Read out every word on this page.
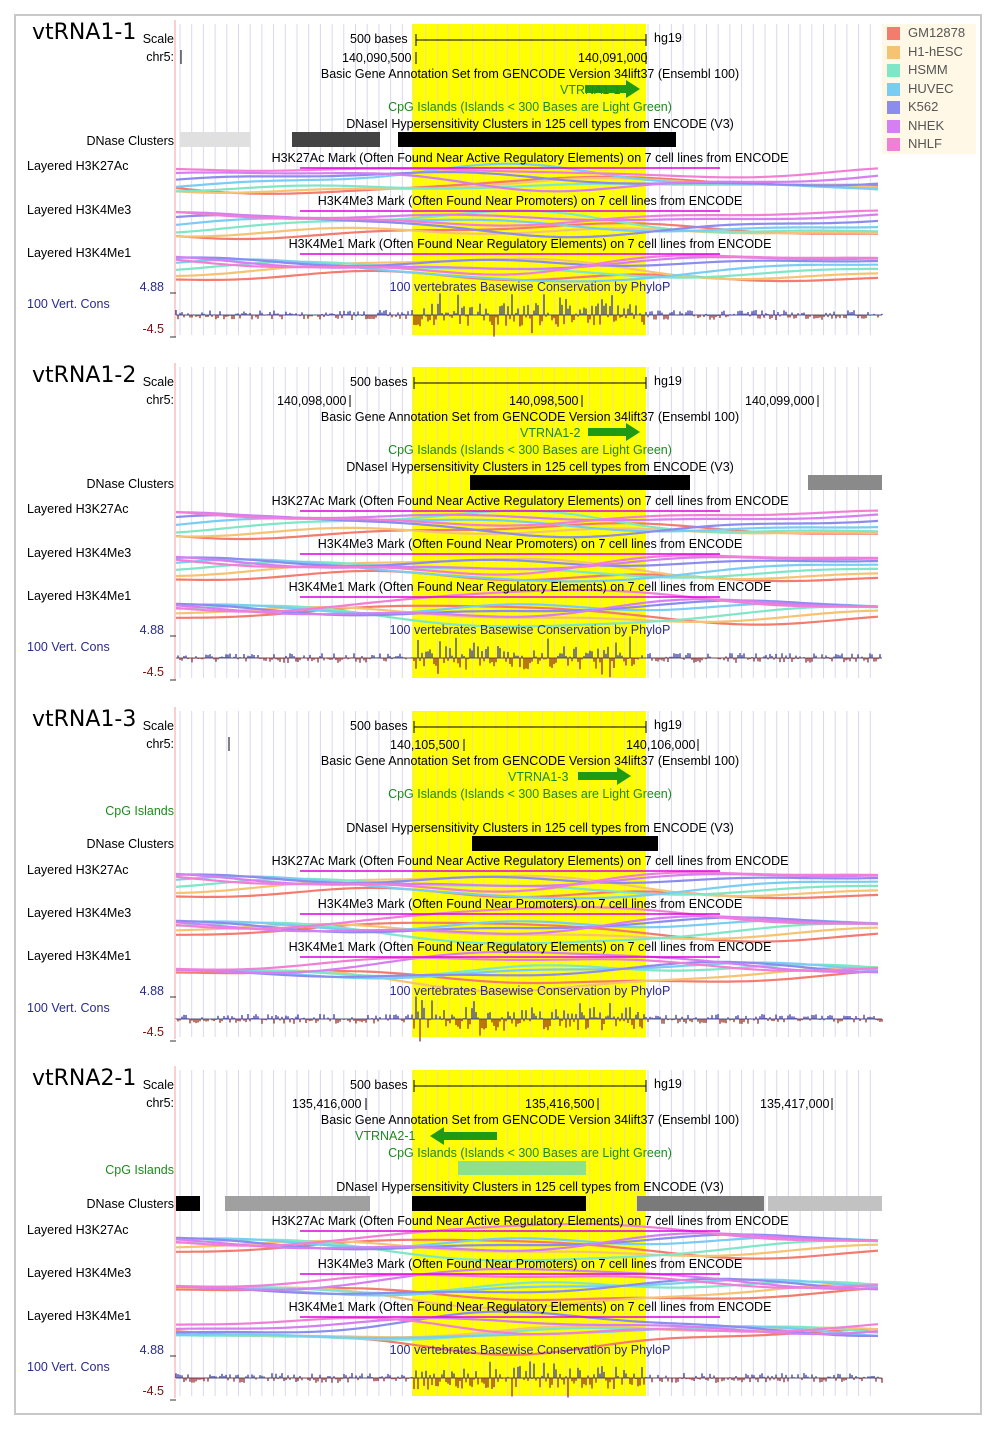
GM12878
H1-hESC
HSMM
HUVEC
K562
NHEK
NHLF
vtRNA1-1 Scale
chr5:
500 bases	hg19
140,090,500	140,091,000
Basic Gene Annotation Set from GENCODE Version 34lift37 (Ensembl 100)
VTRNA1-1
CpG Islands (Islands < 300 Bases are Light Green)
DNaseI Hypersensitivity Clusters in 125 cell types from ENCODE (V3)
DNase Clusters
H3K27Ac Mark (Often Found Near Active Regulatory Elements) on 7 cell lines from ENCODE
Layered H3K27Ac
H3K4Me3 Mark (Often Found Near Promoters) on 7 cell lines from ENCODE
Layered H3K4Me3
H3K4Me1 Mark (Often Found Near Regulatory Elements) on 7 cell lines from ENCODE
Layered H3K4Me1
4.88	100 vertebrates Basewise Conservation by PhyloP
100 Vert. Cons
-4.5
vtRNA1-2 Scale
chr5:
500 bases	hg19
140,098,000	140,098,500	140,099,000
Basic Gene Annotation Set from GENCODE Version 34lift37 (Ensembl 100)
VTRNA1-2
CpG Islands (Islands < 300 Bases are Light Green)
DNaseI Hypersensitivity Clusters in 125 cell types from ENCODE (V3)
DNase Clusters
H3K27Ac Mark (Often Found Near Active Regulatory Elements) on 7 cell lines from ENCODE
Layered H3K27Ac
H3K4Me3 Mark (Often Found Near Promoters) on 7 cell lines from ENCODE
Layered H3K4Me3
H3K4Me1 Mark (Often Found Near Regulatory Elements) on 7 cell lines from ENCODE
Layered H3K4Me1
4.88	100 vertebrates Basewise Conservation by PhyloP
100 Vert. Cons
-4.5
vtRNA1-3 Scale
chr5:
500 bases	hg19
140,105,500	140,106,000
Basic Gene Annotation Set from GENCODE Version 34lift37 (Ensembl 100)
VTRNA1-3
CpG Islands (Islands < 300 Bases are Light Green)
CpG Islands
DNaseI Hypersensitivity Clusters in 125 cell types from ENCODE (V3)
DNase Clusters
H3K27Ac Mark (Often Found Near Active Regulatory Elements) on 7 cell lines from ENCODE
Layered H3K27Ac
H3K4Me3 Mark (Often Found Near Promoters) on 7 cell lines from ENCODE
Layered H3K4Me3
H3K4Me1 Mark (Often Found Near Regulatory Elements) on 7 cell lines from ENCODE
Layered H3K4Me1
4.88	100 vertebrates Basewise Conservation by PhyloP
100 Vert. Cons
-4.5
vtRNA2-1 Scale
chr5:
500 bases	hg19
135,416,000	135,416,500	135,417,000
Basic Gene Annotation Set from GENCODE Version 34lift37 (Ensembl 100)
VTRNA2-1
CpG Islands (Islands < 300 Bases are Light Green)
CpG Islands
DNaseI Hypersensitivity Clusters in 125 cell types from ENCODE (V3)
DNase Clusters
H3K27Ac Mark (Often Found Near Active Regulatory Elements) on 7 cell lines from ENCODE
Layered H3K27Ac
H3K4Me3 Mark (Often Found Near Promoters) on 7 cell lines from ENCODE
Layered H3K4Me3
H3K4Me1 Mark (Often Found Near Regulatory Elements) on 7 cell lines from ENCODE
Layered H3K4Me1
4.88	100 vertebrates Basewise Conservation by PhyloP
100 Vert. Cons
-4.5
